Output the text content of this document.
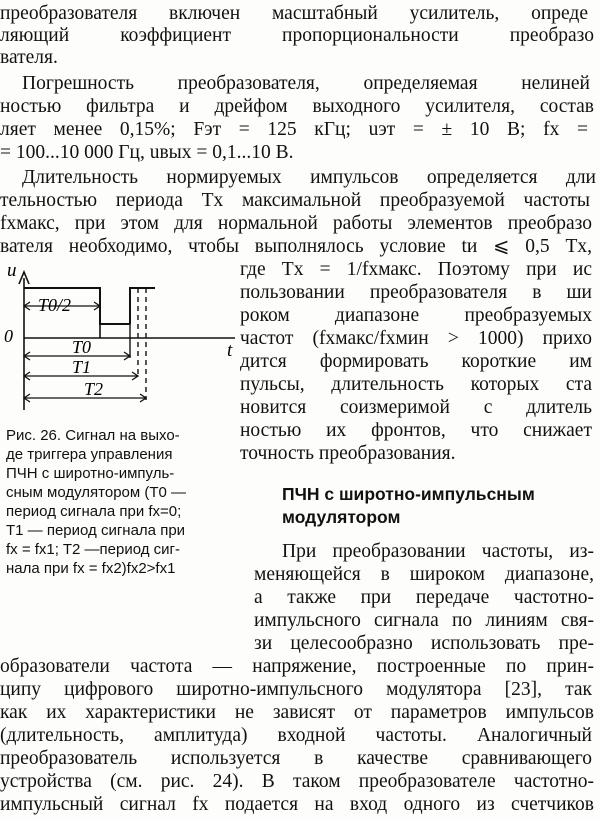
преобразователя включен масштабный усилитель, опреде
ляющий коэффициент пропорциональности преобразо
вателя.
Погрешность преобразователя, определяемая нелиней
ностью фильтра и дрейфом выходного усилителя, состав
ляет менее 0,15%; Fэт = 125 кГц; uэт = ± 10 В; fx =
= 100...10 000 Гц, uвых = 0,1...10 В.
Длительность нормируемых импульсов определяется дли
тельностью периода Tx максимальной преобразуемой частоты
fxмакс, при этом для нормальной работы элементов преобразо
вателя необходимо, чтобы выполнялось условие tи ⩽ 0,5 Tx,
где Tx = 1/fxмакс. Поэтому при ис
пользовании преобразователя в ши
роком диапазоне преобразуемых
частот (fxмакс/fxмин > 1000) прихо
дится формировать короткие им
пульсы, длительность которых ста
новится соизмеримой с длитель
ностью их фронтов, что снижает
точность преобразования.
u
0
t
T0/2
T0
T1
T2
Рис. 26. Сигнал на выхо-
де триггера управления
ПЧН с широтно-импуль-
сным модулятором (T0 —
период сигнала при fx=0;
T1 — период сигнала при
fx = fx1; T2 —период сиг-
нала при fx = fx2)fx2>fx1
ПЧН с широтно-импульсным
модулятором
При преобразовании частоты, из-
меняющейся в широком диапазоне,
а также при передаче частотно-
импульсного сигнала по линиям свя-
зи целесообразно использовать пре-
образователи частота — напряжение, построенные по прин-
ципу цифрового широтно-импульсного модулятора [23], так
как их характеристики не зависят от параметров импульсов
(длительность, амплитуда) входной частоты. Аналогичный
преобразователь используется в качестве сравнивающего
устройства (см. рис. 24). В таком преобразователе частотно-
импульсный сигнал fx подается на вход одного из счетчиков
